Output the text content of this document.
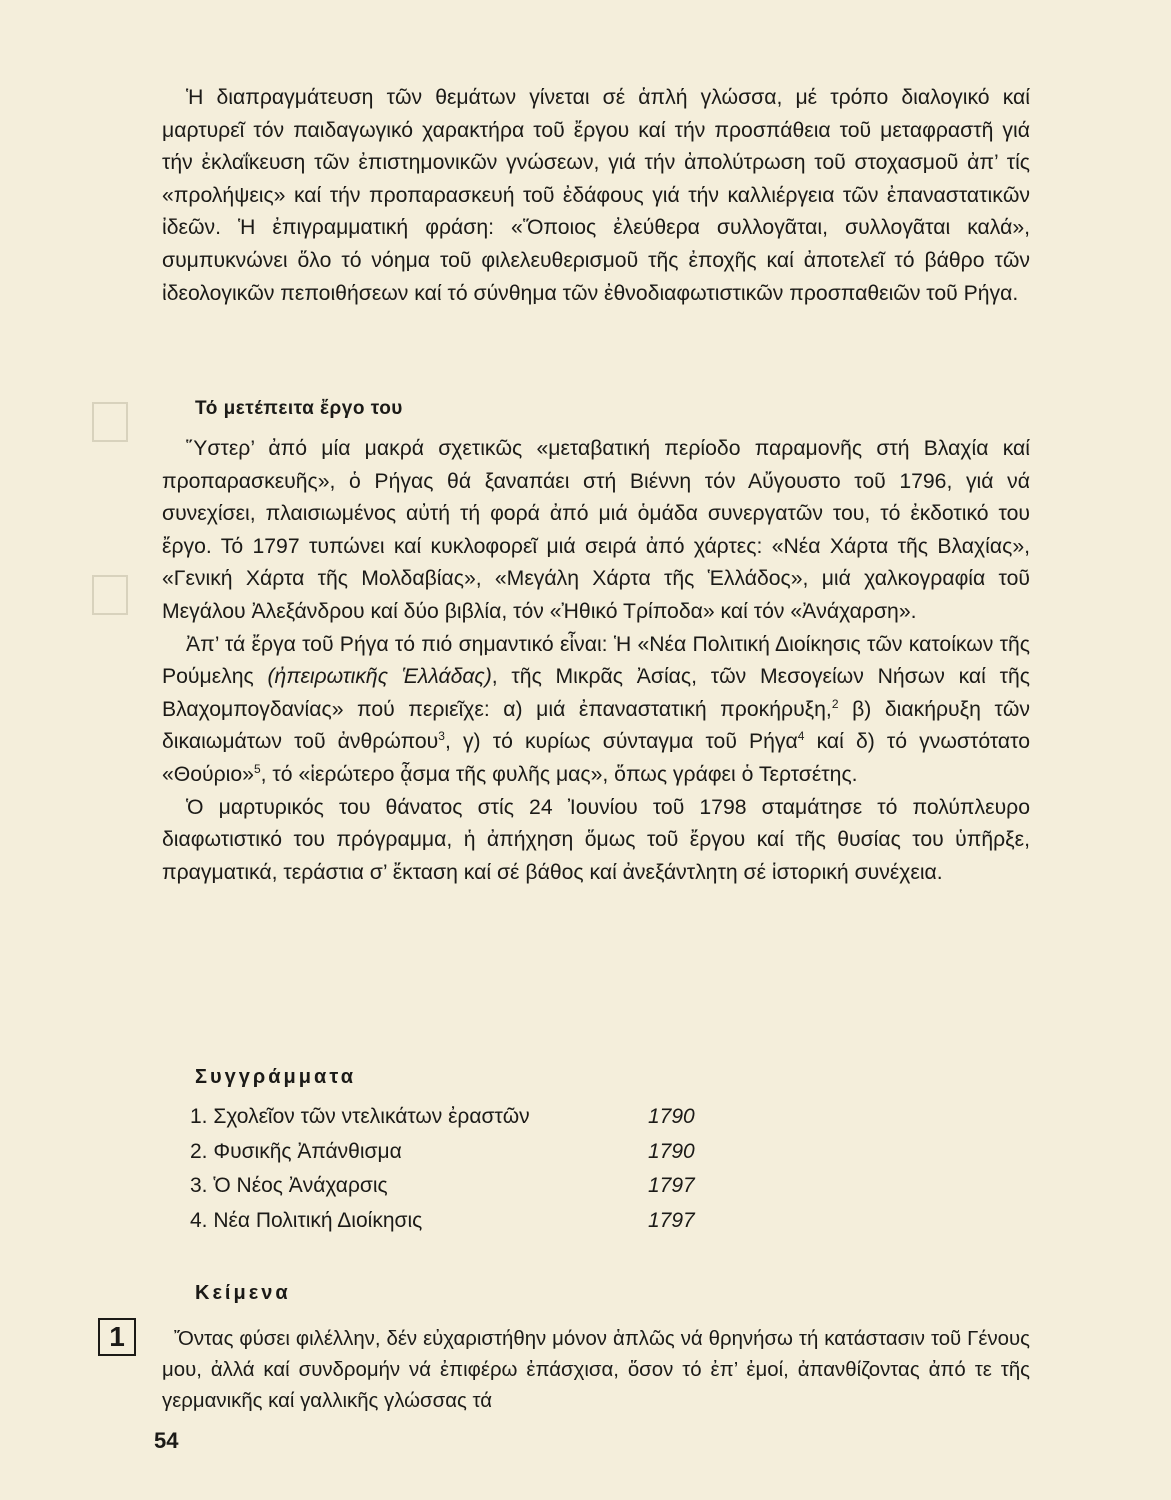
Ἡ διαπραγμάτευση τῶν θεμάτων γίνεται σέ ἁπλή γλώσσα, μέ τρόπο διαλογικό καί μαρτυρεῖ τόν παιδαγωγικό χαρακτήρα τοῦ ἔργου καί τήν προσπάθεια τοῦ μεταφραστῆ γιά τήν ἐκλαΐκευση τῶν ἐπιστημονικῶν γνώσεων, γιά τήν ἀπολύτρωση τοῦ στοχασμοῦ ἀπ’ τίς «προλήψεις» καί τήν προπαρασκευή τοῦ ἐδάφους γιά τήν καλλιέργεια τῶν ἐπαναστατικῶν ἰδεῶν. Ἡ ἐπιγραμματική φράση: «Ὅποιος ἐλεύθερα συλλογᾶται, συλλογᾶται καλά», συμπυκνώνει ὅλο τό νόημα τοῦ φιλελευθερισμοῦ τῆς ἐποχῆς καί ἀποτελεῖ τό βάθρο τῶν ἰδεολογικῶν πεποιθήσεων καί τό σύνθημα τῶν ἐθνοδιαφωτιστικῶν προσπαθειῶν τοῦ Ρήγα.

Τό μετέπειτα ἔργο του

Ὕστερ’ ἀπό μία μακρά σχετικῶς «μεταβατική περίοδο παραμονῆς στή Βλαχία καί προπαρασκευῆς», ὁ Ρήγας θά ξαναπάει στή Βιέννη τόν Αὔγουστο τοῦ 1796, γιά νά συνεχίσει, πλαισιωμένος αὐτή τή φορά ἀπό μιά ὁμάδα συνεργατῶν του, τό ἐκδοτικό του ἔργο. Τό 1797 τυπώνει καί κυκλοφορεῖ μιά σειρά ἀπό χάρτες: «Νέα Χάρτα τῆς Βλαχίας», «Γενική Χάρτα τῆς Μολδαβίας», «Μεγάλη Χάρτα τῆς Ἑλλάδος», μιά χαλκογραφία τοῦ Μεγάλου Ἀλεξάνδρου καί δύο βιβλία, τόν «Ἠθικό Τρίποδα» καί τόν «Ἀνάχαρση».

Ἀπ’ τά ἔργα τοῦ Ρήγα τό πιό σημαντικό εἶναι: Ἡ «Νέα Πολιτική Διοίκησις τῶν κατοίκων τῆς Ρούμελης (ἠπειρωτικῆς Ἑλλάδας), τῆς Μικρᾶς Ἀσίας, τῶν Μεσογείων Νήσων καί τῆς Βλαχομπογδανίας» πού περιεῖχε: α) μιά ἐπαναστατική προκήρυξη,$^2$ β) διακήρυξη τῶν δικαιωμάτων τοῦ ἀνθρώπου$^3$, γ) τό κυρίως σύνταγμα τοῦ Ρήγα$^4$ καί δ) τό γνωστότατο «Θούριο»$^5$, τό «ἱερώτερο ᾆσμα τῆς φυλῆς μας», ὅπως γράφει ὁ Τερτσέτης.

Ὁ μαρτυρικός του θάνατος στίς 24 Ἰουνίου τοῦ 1798 σταμάτησε τό πολύπλευρο διαφωτιστικό του πρόγραμμα, ἡ ἀπήχηση ὅμως τοῦ ἔργου καί τῆς θυσίας του ὑπῆρξε, πραγματικά, τεράστια σ’ ἔκταση καί σέ βάθος καί ἀνεξάντλητη σέ ἱστορική συνέχεια.

Συγγράμματα
1. Σχολεῖον τῶν ντελικάτων ἐραστῶν	1790
2. Φυσικῆς Ἀπάνθισμα	1790
3. Ὁ Νέος Ἀνάχαρσις	1797
4. Νέα Πολιτική Διοίκησις	1797
Κείμενα
1	Ὄντας φύσει φιλέλλην, δέν εὐχαριστήθην μόνον ἁπλῶς νά θρηνήσω τή κατάστασιν τοῦ Γένους μου, ἀλλά καί συνδρομήν νά ἐπιφέρω ἐπάσχισα, ὅσον τό ἐπ’ ἐμοί, ἀπανθίζοντας ἀπό τε τῆς γερμανικῆς καί γαλλικῆς γλώσσας τά

54
